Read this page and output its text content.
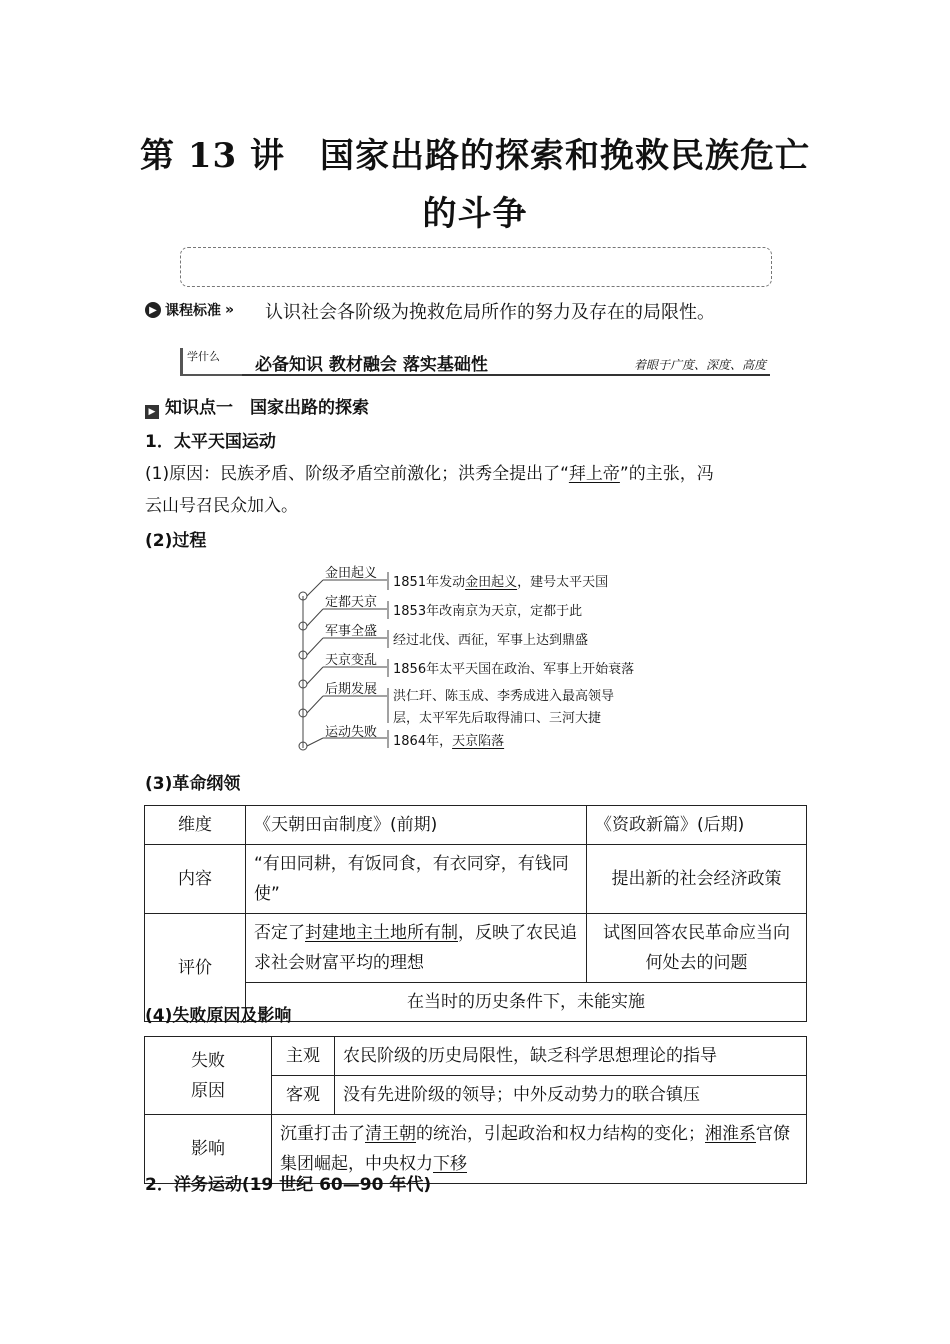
第 13 讲　国家出路的探索和挽救民族危亡
的斗争
▶ 课程标准 » 认识社会各阶级为挽救危局所作的努力及存在的局限性。
学什么	必备知识 教材融会 落实基础性	着眼于广度、深度、高度
▶ 知识点一　国家出路的探索
1．太平天国运动
(1)原因：民族矛盾、阶级矛盾空前激化；洪秀全提出了“拜上帝”的主张，冯
云山号召民众加入。
(2)过程
金田起义
定都天京
军事全盛
天京变乱
后期发展
运动失败
1851年发动金田起义，建号太平天国
1853年改南京为天京，定都于此
经过北伐、西征，军事上达到鼎盛
1856年太平天国在政治、军事上开始衰落
洪仁玕、陈玉成、李秀成进入最高领导
层，太平军先后取得浦口、三河大捷
1864年，天京陷落
(3)革命纲领
维度	《天朝田亩制度》(前期)	《资政新篇》(后期)
内容	“有田同耕，有饭同食，有衣同穿，有钱同使”	提出新的社会经济政策
评价	否定了封建地主土地所有制，反映了农民追求社会财富平均的理想	试图回答农民革命应当向何处去的问题
	在当时的历史条件下，未能实施	
(4)失败原因及影响
失败
原因	主观	农民阶级的历史局限性，缺乏科学思想理论的指导
	客观	没有先进阶级的领导；中外反动势力的联合镇压
影响	沉重打击了清王朝的统治，引起政治和权力结构的变化；湘淮系官僚集团崛起，中央权力下移	
2．洋务运动(19 世纪 60—90 年代)
